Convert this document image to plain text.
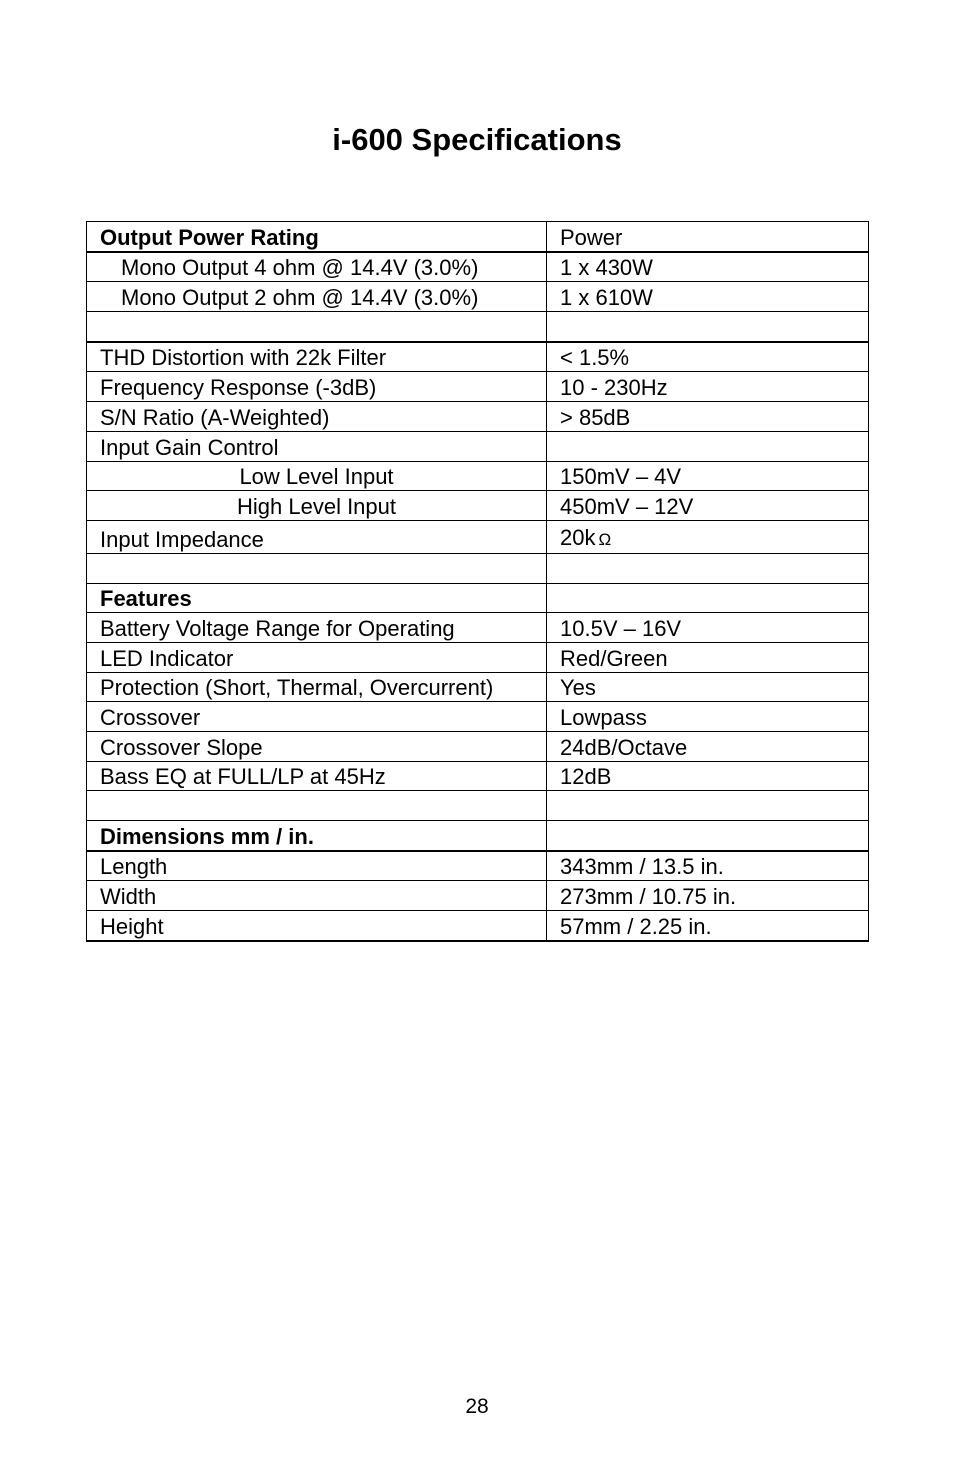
i-600 Specifications
Output Power Rating	Power
Mono Output 4 ohm @ 14.4V (3.0%)	1 x 430W
Mono Output 2 ohm @ 14.4V (3.0%)	1 x 610W

THD Distortion with 22k Filter	< 1.5%
Frequency Response (-3dB)	10 - 230Hz
S/N Ratio (A-Weighted)	> 85dB
Input Gain Control	
Low Level Input	150mV – 4V
High Level Input	450mV – 12V
Input Impedance	20k Ω

Features	
Battery Voltage Range for Operating	10.5V – 16V
LED Indicator	Red/Green
Protection (Short, Thermal, Overcurrent)	Yes
Crossover	Lowpass
Crossover Slope	24dB/Octave
Bass EQ at FULL/LP at 45Hz	12dB

Dimensions mm / in.	
Length	343mm / 13.5 in.
Width	273mm / 10.75 in.
Height	57mm / 2.25 in.
28
